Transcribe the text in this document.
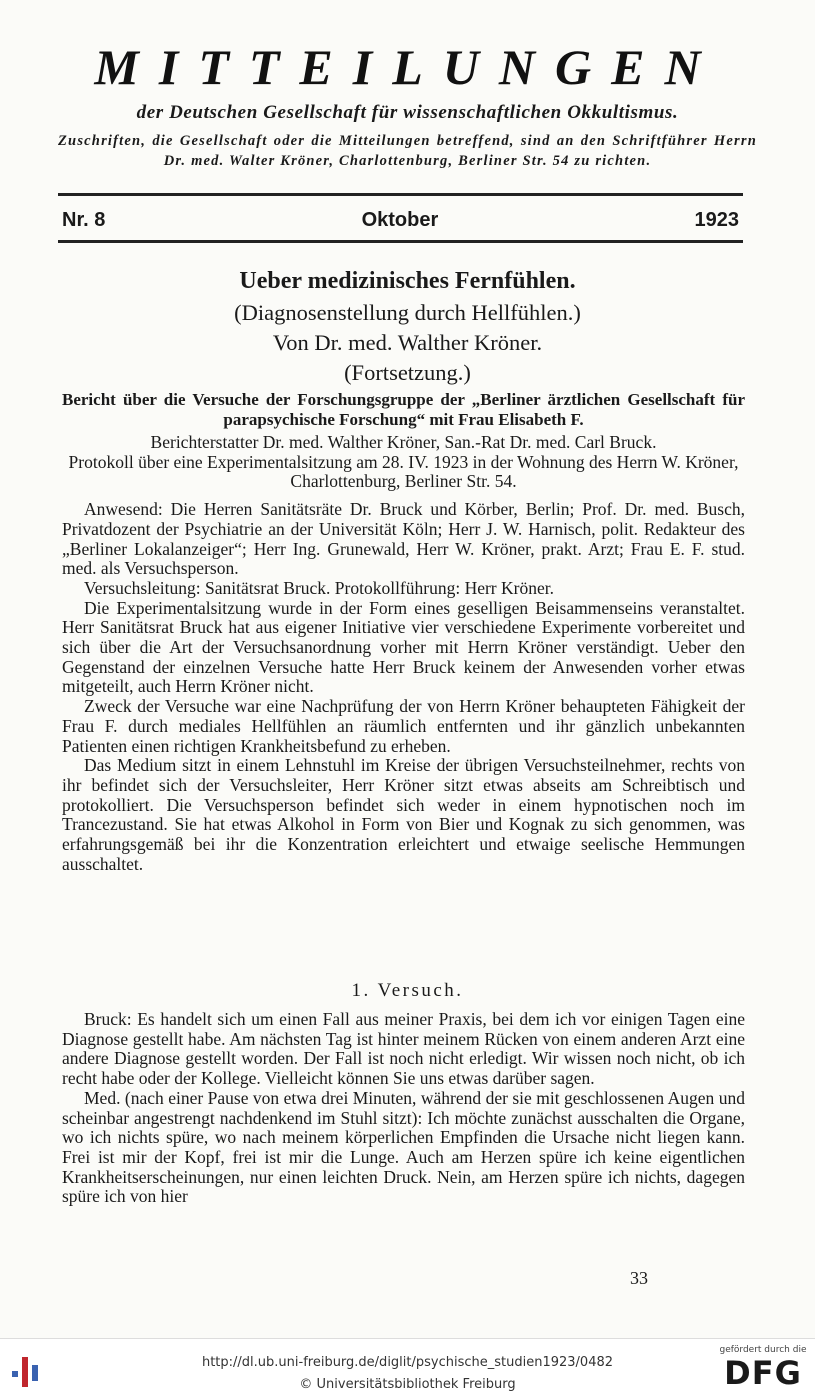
MITTEILUNGEN

der Deutschen Gesellschaft für wissenschaftlichen Okkultismus.

Zuschriften, die Gesellschaft oder die Mitteilungen betreffend, sind an den Schriftführer Herrn Dr. med. Walter Kröner, Charlottenburg, Berliner Str. 54 zu richten.

Nr. 8	Oktober	1923
Ueber medizinisches Fernfühlen.

(Diagnosenstellung durch Hellfühlen.)

Von Dr. med. Walther Kröner.

(Fortsetzung.)

Bericht über die Versuche der Forschungsgruppe der „Berliner ärztlichen Gesellschaft für parapsychische Forschung“ mit Frau Elisabeth F.

Berichterstatter Dr. med. Walther Kröner, San.-Rat Dr. med. Carl Bruck.

Protokoll über eine Experimentalsitzung am 28. IV. 1923 in der Wohnung des Herrn W. Kröner, Charlottenburg, Berliner Str. 54.

Anwesend: Die Herren Sanitätsräte Dr. Bruck und Körber, Berlin; Prof. Dr. med. Busch, Privatdozent der Psychiatrie an der Universität Köln; Herr J. W. Harnisch, polit. Redakteur des „Berliner Lokalanzeiger“; Herr Ing. Grunewald, Herr W. Kröner, prakt. Arzt; Frau E. F. stud. med. als Versuchsperson.

Versuchsleitung: Sanitätsrat Bruck. Protokollführung: Herr Kröner.

Die Experimentalsitzung wurde in der Form eines geselligen Beisammenseins veranstaltet. Herr Sanitätsrat Bruck hat aus eigener Initiative vier verschiedene Experimente vorbereitet und sich über die Art der Versuchsanordnung vorher mit Herrn Kröner verständigt. Ueber den Gegenstand der einzelnen Versuche hatte Herr Bruck keinem der Anwesenden vorher etwas mitgeteilt, auch Herrn Kröner nicht.

Zweck der Versuche war eine Nachprüfung der von Herrn Kröner behaupteten Fähigkeit der Frau F. durch mediales Hellfühlen an räumlich entfernten und ihr gänzlich unbekannten Patienten einen richtigen Krankheitsbefund zu erheben.

Das Medium sitzt in einem Lehnstuhl im Kreise der übrigen Versuchsteilnehmer, rechts von ihr befindet sich der Versuchsleiter, Herr Kröner sitzt etwas abseits am Schreibtisch und protokolliert. Die Versuchsperson befindet sich weder in einem hypnotischen noch im Trancezustand. Sie hat etwas Alkohol in Form von Bier und Kognak zu sich genommen, was erfahrungsgemäß bei ihr die Konzentration erleichtert und etwaige seelische Hemmungen ausschaltet.

1. Versuch.

Bruck: Es handelt sich um einen Fall aus meiner Praxis, bei dem ich vor einigen Tagen eine Diagnose gestellt habe. Am nächsten Tag ist hinter meinem Rücken von einem anderen Arzt eine andere Diagnose gestellt worden. Der Fall ist noch nicht erledigt. Wir wissen noch nicht, ob ich recht habe oder der Kollege. Vielleicht können Sie uns etwas darüber sagen.

Med. (nach einer Pause von etwa drei Minuten, während der sie mit geschlossenen Augen und scheinbar angestrengt nachdenkend im Stuhl sitzt): Ich möchte zunächst ausschalten die Organe, wo ich nichts spüre, wo nach meinem körperlichen Empfinden die Ursache nicht liegen kann. Frei ist mir der Kopf, frei ist mir die Lunge. Auch am Herzen spüre ich keine eigentlichen Krankheitserscheinungen, nur einen leichten Druck. Nein, am Herzen spüre ich nichts, dagegen spüre ich von hier

33
http://dl.ub.uni-freiburg.de/diglit/psychische_studien1923/0482
© Universitätsbibliothek Freiburg
gefördert durch die
DFG
